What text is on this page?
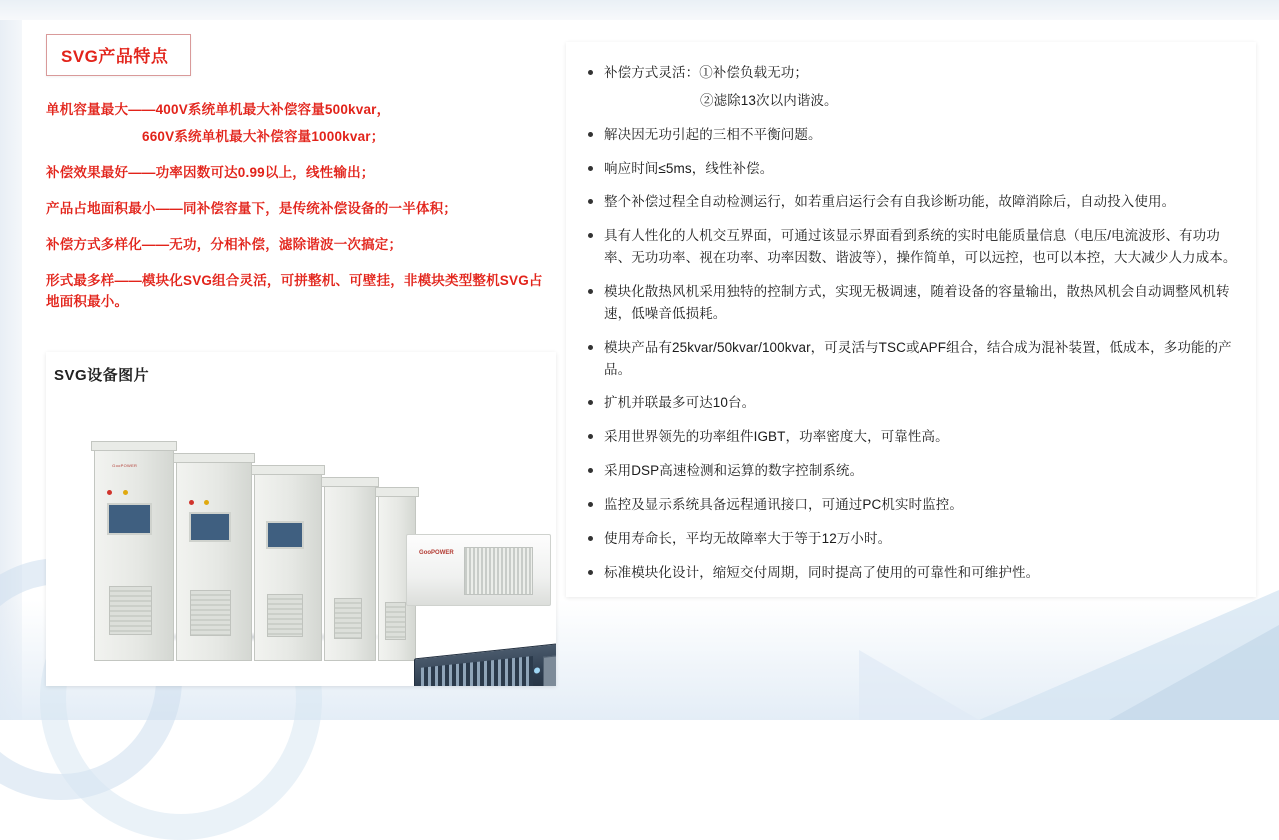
SVG产品特点
单机容量最大——400V系统单机最大补偿容量500kvar，
660V系统单机最大补偿容量1000kvar；
补偿效果最好——功率因数可达0.99以上，线性输出；
产品占地面积最小——同补偿容量下，是传统补偿设备的一半体积；
补偿方式多样化——无功，分相补偿，滤除谐波一次搞定；
形式最多样——模块化SVG组合灵活，可拼整机、可壁挂，非模块类型整机SVG占地面积最小。
SVG设备图片
GooPOWER

GooPOWER
补偿方式灵活：①补偿负载无功；
②滤除13次以内谐波。
解决因无功引起的三相不平衡问题。
响应时间≤5ms，线性补偿。
整个补偿过程全自动检测运行，如若重启运行会有自我诊断功能，故障消除后，自动投入使用。
具有人性化的人机交互界面，可通过该显示界面看到系统的实时电能质量信息（电压/电流波形、有功功率、无功功率、视在功率、功率因数、谐波等），操作简单，可以远控，也可以本控，大大减少人力成本。
模块化散热风机采用独特的控制方式，实现无极调速，随着设备的容量输出，散热风机会自动调整风机转速，低噪音低损耗。
模块产品有25kvar/50kvar/100kvar，可灵活与TSC或APF组合，结合成为混补装置，低成本，多功能的产品。
扩机并联最多可达10台。
采用世界领先的功率组件IGBT，功率密度大，可靠性高。
采用DSP高速检测和运算的数字控制系统。
监控及显示系统具备远程通讯接口，可通过PC机实时监控。
使用寿命长，平均无故障率大于等于12万小时。
标准模块化设计，缩短交付周期，同时提高了使用的可靠性和可维护性。
